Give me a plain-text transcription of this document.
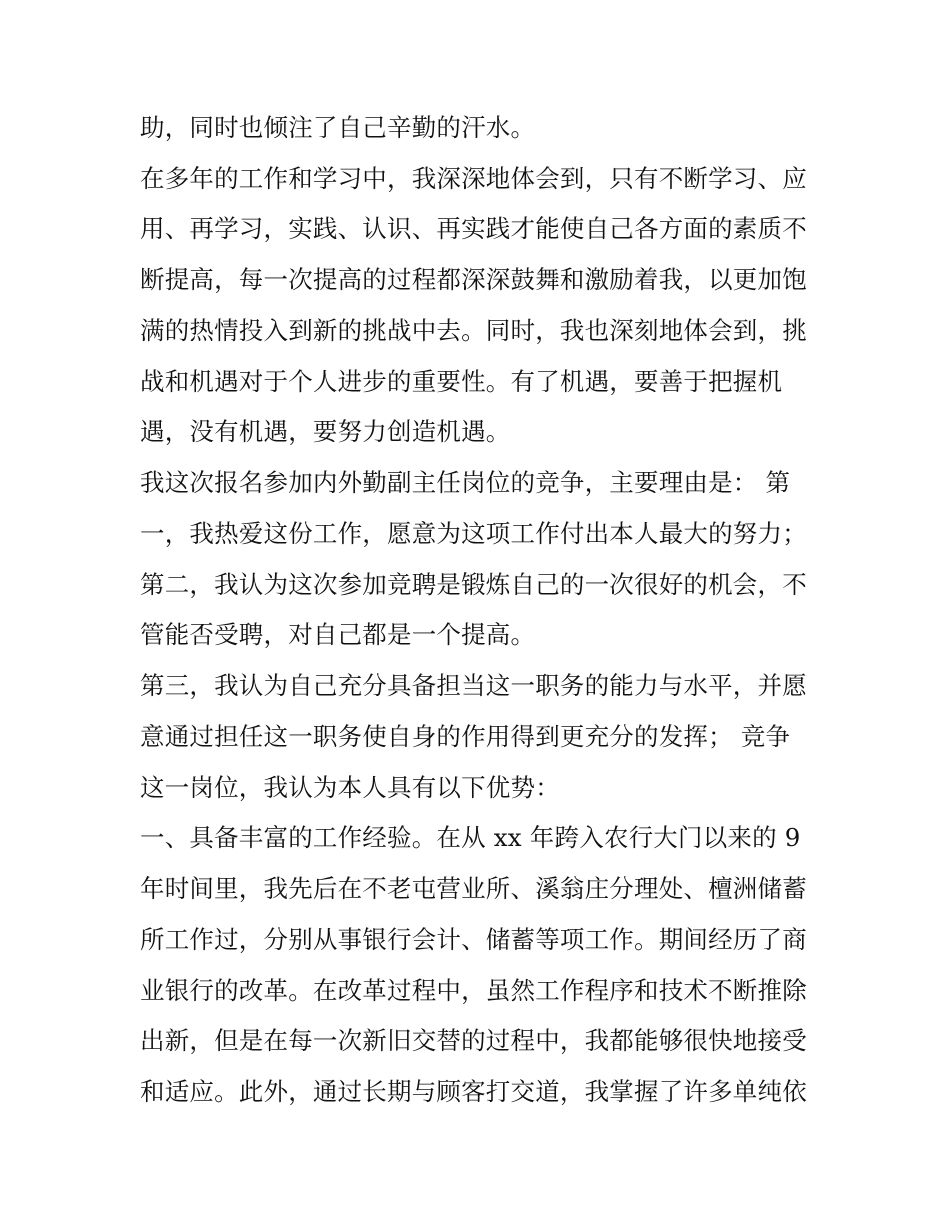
助，同时也倾注了自己辛勤的汗水。
在多年的工作和学习中，我深深地体会到，只有不断学习、应
用、再学习，实践、认识、再实践才能使自己各方面的素质不
断提高，每一次提高的过程都深深鼓舞和激励着我，以更加饱
满的热情投入到新的挑战中去。同时，我也深刻地体会到，挑
战和机遇对于个人进步的重要性。有了机遇，要善于把握机
遇，没有机遇，要努力创造机遇。
我这次报名参加内外勤副主任岗位的竞争，主要理由是： 第
一，我热爱这份工作，愿意为这项工作付出本人最大的努力；
第二，我认为这次参加竞聘是锻炼自己的一次很好的机会，不
管能否受聘，对自己都是一个提高。
第三，我认为自己充分具备担当这一职务的能力与水平，并愿
意通过担任这一职务使自身的作用得到更充分的发挥； 竞争
这一岗位，我认为本人具有以下优势：
一、具备丰富的工作经验。在从 xx 年跨入农行大门以来的 9
年时间里，我先后在不老屯营业所、溪翁庄分理处、檀洲储蓄
所工作过，分别从事银行会计、储蓄等项工作。期间经历了商
业银行的改革。在改革过程中，虽然工作程序和技术不断推除
出新，但是在每一次新旧交替的过程中，我都能够很快地接受
和适应。此外，通过长期与顾客打交道，我掌握了许多单纯依
